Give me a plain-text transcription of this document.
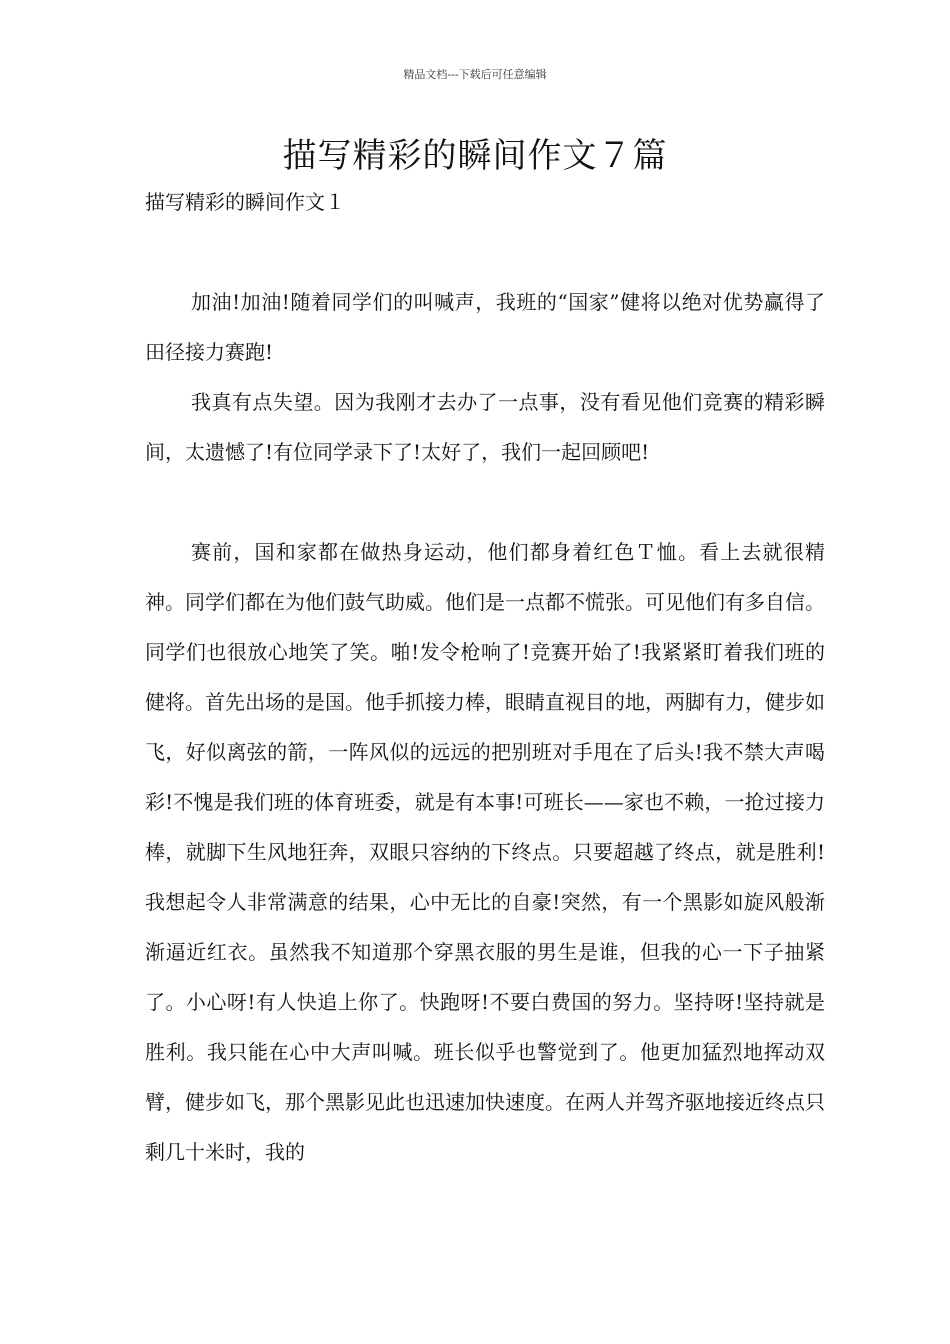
精品文档---下载后可任意编辑
描写精彩的瞬间作文７篇

描写精彩的瞬间作文１

加油!加油!随着同学们的叫喊声，我班的“国家”健将以绝对优势赢得了田径接力赛跑!

我真有点失望。因为我刚才去办了一点事，没有看见他们竞赛的精彩瞬间，太遗憾了!有位同学录下了!太好了，我们一起回顾吧!

赛前，国和家都在做热身运动，他们都身着红色Ｔ恤。看上去就很精神。同学们都在为他们鼓气助威。他们是一点都不慌张。可见他们有多自信。同学们也很放心地笑了笑。啪!发令枪响了!竞赛开始了!我紧紧盯着我们班的健将。首先出场的是国。他手抓接力棒，眼睛直视目的地，两脚有力，健步如飞，好似离弦的箭，一阵风似的远远的把别班对手甩在了后头!我不禁大声喝彩!不愧是我们班的体育班委，就是有本事!可班长——家也不赖，一抢过接力棒，就脚下生风地狂奔，双眼只容纳的下终点。只要超越了终点，就是胜利!我想起令人非常满意的结果，心中无比的自豪!突然，有一个黑影如旋风般渐渐逼近红衣。虽然我不知道那个穿黑衣服的男生是谁，但我的心一下子抽紧了。小心呀!有人快追上你了。快跑呀!不要白费国的努力。坚持呀!坚持就是胜利。我只能在心中大声叫喊。班长似乎也警觉到了。他更加猛烈地挥动双臂，健步如飞，那个黑影见此也迅速加快速度。在两人并驾齐驱地接近终点只剩几十米时，我的
